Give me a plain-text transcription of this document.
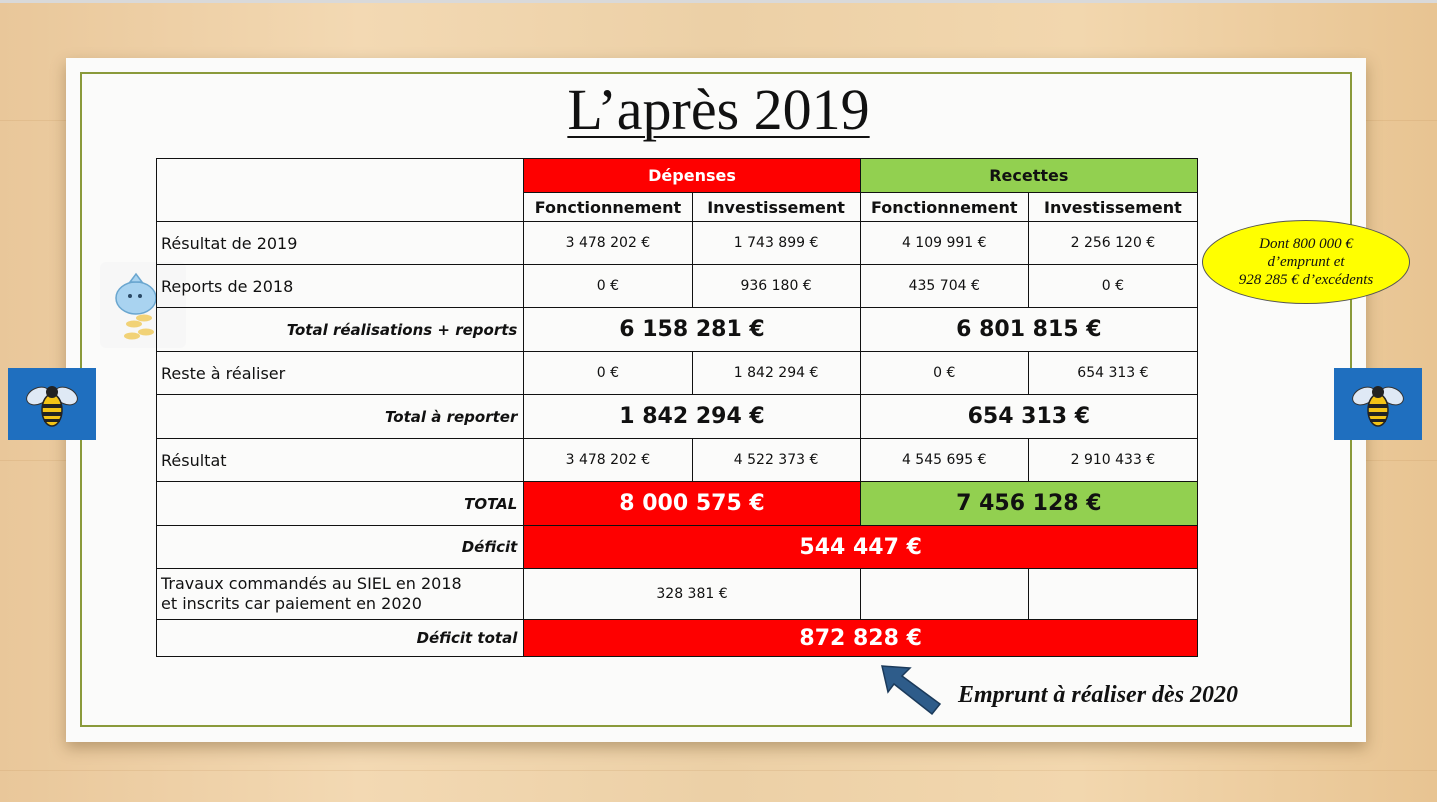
L’après 2019
	Dépenses		Recettes	
	Fonctionnement	Investissement	Fonctionnement	Investissement
Résultat de 2019	3 478 202 €	1 743 899 €	4 109 991 €	2 256 120 €
Reports de 2018	0 €	936 180 €	435 704 €	0 €
Total réalisations + reports	6 158 281 €		6 801 815 €	
Reste à réaliser	0 €	1 842 294 €	0 €	654 313 €
Total à reporter	1 842 294 €		654 313 €	
Résultat	3 478 202 €	4 522 373 €	4 545 695 €	2 910 433 €
TOTAL	8 000 575 €		7 456 128 €	
Déficit	544 447 €			

Travaux commandés au SIEL en 2018
et inscrits car paiement en 2020	328 381 €			
Déficit total	872 828 €			
Dont 800 000 €
d’emprunt et
928 285 € d’excédents
Emprunt à réaliser dès 2020
